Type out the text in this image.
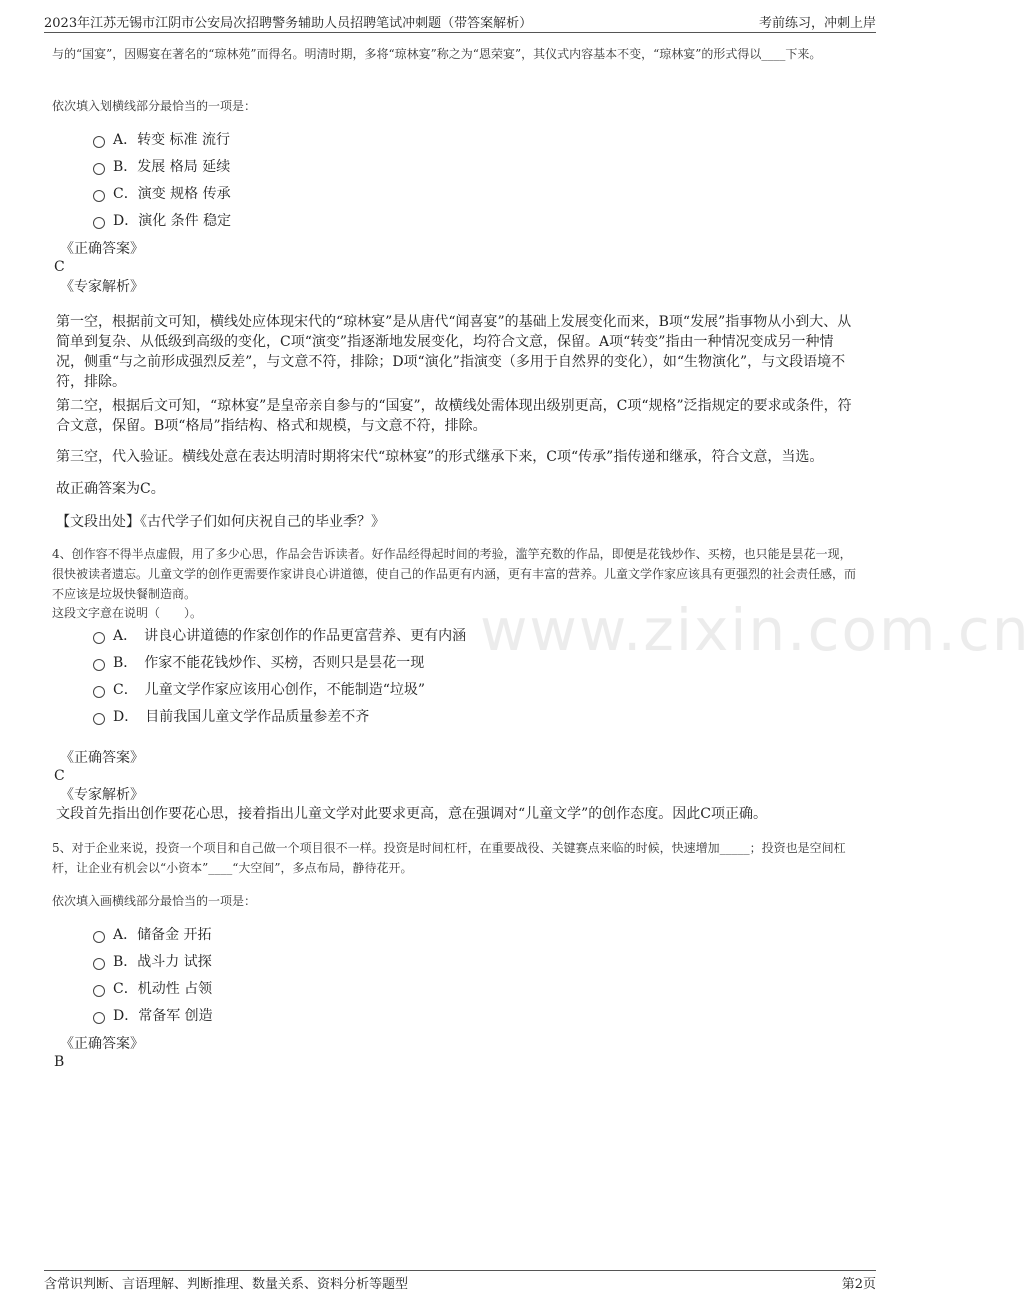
2023年江苏无锡市江阴市公安局次招聘警务辅助人员招聘笔试冲刺题（带答案解析）	考前练习，冲刺上岸
www.zixin.com.cn
与的“国宴”，因赐宴在著名的“琼林苑”而得名。明清时期，多将“琼林宴”称之为“恩荣宴”，其仪式内容基本不变，“琼林宴”的形式得以____下来。
依次填入划横线部分最恰当的一项是：
A．转变 标准 流行
B．发展 格局 延续
C．演变 规格 传承
D．演化 条件 稳定
《正确答案》
C
《专家解析》
第一空，根据前文可知，横线处应体现宋代的“琼林宴”是从唐代“闻喜宴”的基础上发展变化而来，B项“发展”指事物从小到大、从简单到复杂、从低级到高级的变化，C项“演变”指逐渐地发展变化，均符合文意，保留。A项“转变”指由一种情况变成另一种情况，侧重“与之前形成强烈反差”，与文意不符，排除；D项“演化”指演变（多用于自然界的变化），如“生物演化”，与文段语境不符，排除。
第二空，根据后文可知，“琼林宴”是皇帝亲自参与的“国宴”，故横线处需体现出级别更高，C项“规格”泛指规定的要求或条件，符合文意，保留。B项“格局”指结构、格式和规模，与文意不符，排除。
第三空，代入验证。横线处意在表达明清时期将宋代“琼林宴”的形式继承下来，C项“传承”指传递和继承，符合文意，当选。
故正确答案为C。
【文段出处】《古代学子们如何庆祝自己的毕业季？》
4、创作容不得半点虚假，用了多少心思，作品会告诉读者。好作品经得起时间的考验，滥竽充数的作品，即便是花钱炒作、买榜，也只能是昙花一现，很快被读者遗忘。儿童文学的创作更需要作家讲良心讲道德，使自己的作品更有内涵，更有丰富的营养。儿童文学作家应该具有更强烈的社会责任感，而不应该是垃圾快餐制造商。
这段文字意在说明（　　）。
A．　讲良心讲道德的作家创作的作品更富营养、更有内涵
B．　作家不能花钱炒作、买榜，否则只是昙花一现
C．　儿童文学作家应该用心创作，不能制造“垃圾”
D．　目前我国儿童文学作品质量参差不齐
《正确答案》
C
《专家解析》
文段首先指出创作要花心思，接着指出儿童文学对此要求更高，意在强调对“儿童文学”的创作态度。因此C项正确。
5、对于企业来说，投资一个项目和自己做一个项目很不一样。投资是时间杠杆，在重要战役、关键赛点来临的时候，快速增加_____；投资也是空间杠杆，让企业有机会以“小资本”____“大空间”，多点布局，静待花开。
依次填入画横线部分最恰当的一项是：
A．储备金 开拓
B．战斗力 试探
C．机动性 占领
D．常备军 创造
《正确答案》
B
含常识判断、言语理解、判断推理、数量关系、资料分析等题型	第2页
